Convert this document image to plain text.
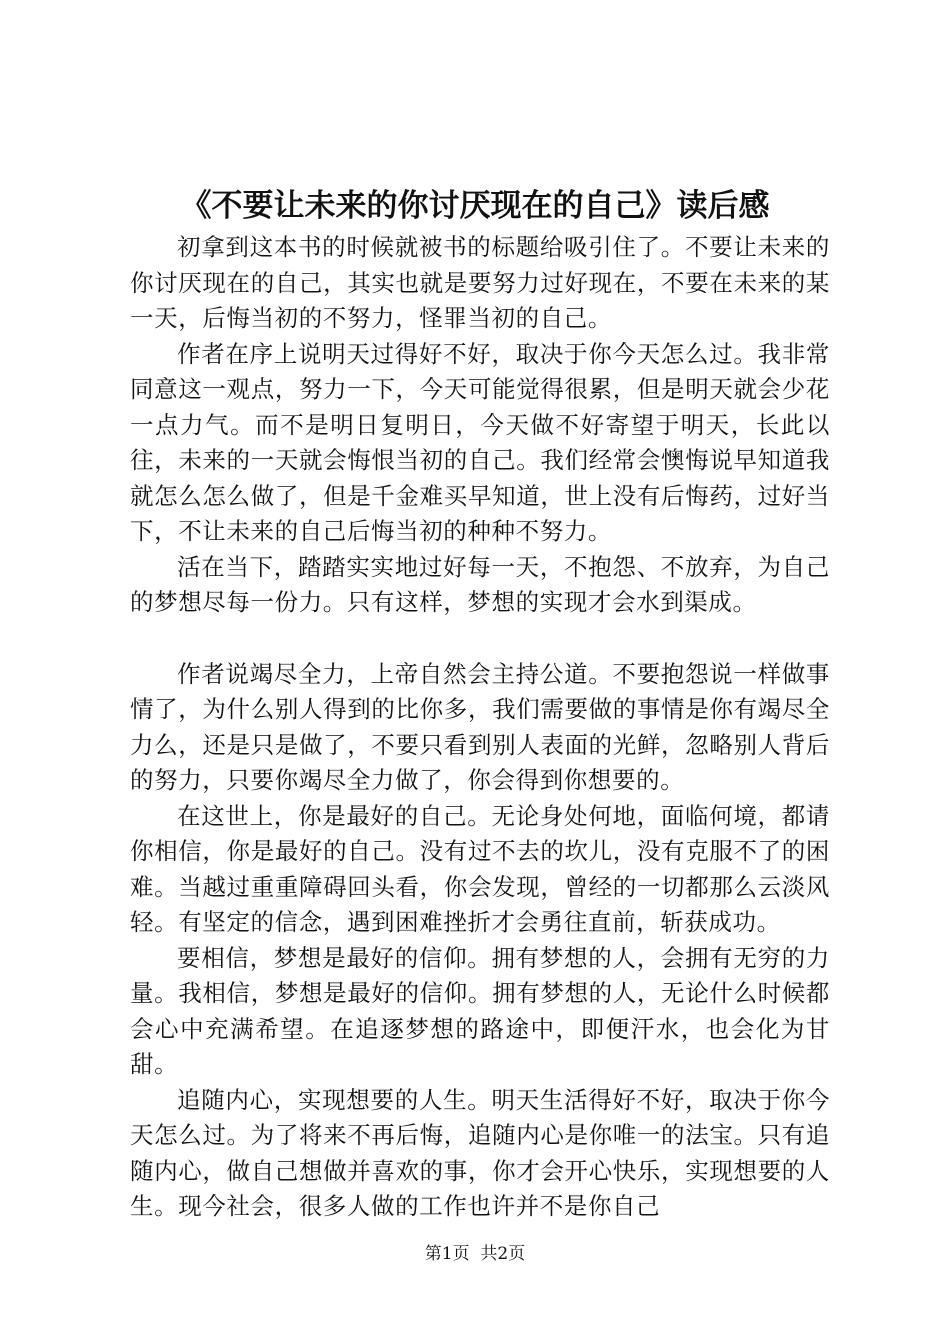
《不要让未来的你讨厌现在的自己》读后感

初拿到这本书的时候就被书的标题给吸引住了。不要让未来的你讨厌现在的自己，其实也就是要努力过好现在，不要在未来的某一天，后悔当初的不努力，怪罪当初的自己。

作者在序上说明天过得好不好，取决于你今天怎么过。我非常同意这一观点，努力一下，今天可能觉得很累，但是明天就会少花一点力气。而不是明日复明日，今天做不好寄望于明天，长此以往，未来的一天就会悔恨当初的自己。我们经常会懊悔说早知道我就怎么怎么做了，但是千金难买早知道，世上没有后悔药，过好当下，不让未来的自己后悔当初的种种不努力。

活在当下，踏踏实实地过好每一天，不抱怨、不放弃，为自己的梦想尽每一份力。只有这样，梦想的实现才会水到渠成。

作者说竭尽全力，上帝自然会主持公道。不要抱怨说一样做事情了，为什么别人得到的比你多，我们需要做的事情是你有竭尽全力么，还是只是做了，不要只看到别人表面的光鲜，忽略别人背后的努力，只要你竭尽全力做了，你会得到你想要的。

在这世上，你是最好的自己。无论身处何地，面临何境，都请你相信，你是最好的自己。没有过不去的坎儿，没有克服不了的困难。当越过重重障碍回头看，你会发现，曾经的一切都那么云淡风轻。有坚定的信念，遇到困难挫折才会勇往直前，斩获成功。

要相信，梦想是最好的信仰。拥有梦想的人，会拥有无穷的力量。我相信，梦想是最好的信仰。拥有梦想的人，无论什么时候都会心中充满希望。在追逐梦想的路途中，即便汗水，也会化为甘甜。

追随内心，实现想要的人生。明天生活得好不好，取决于你今天怎么过。为了将来不再后悔，追随内心是你唯一的法宝。只有追随内心，做自己想做并喜欢的事，你才会开心快乐，实现想要的人生。现今社会，很多人做的工作也许并不是你自己

第1页  共2页
